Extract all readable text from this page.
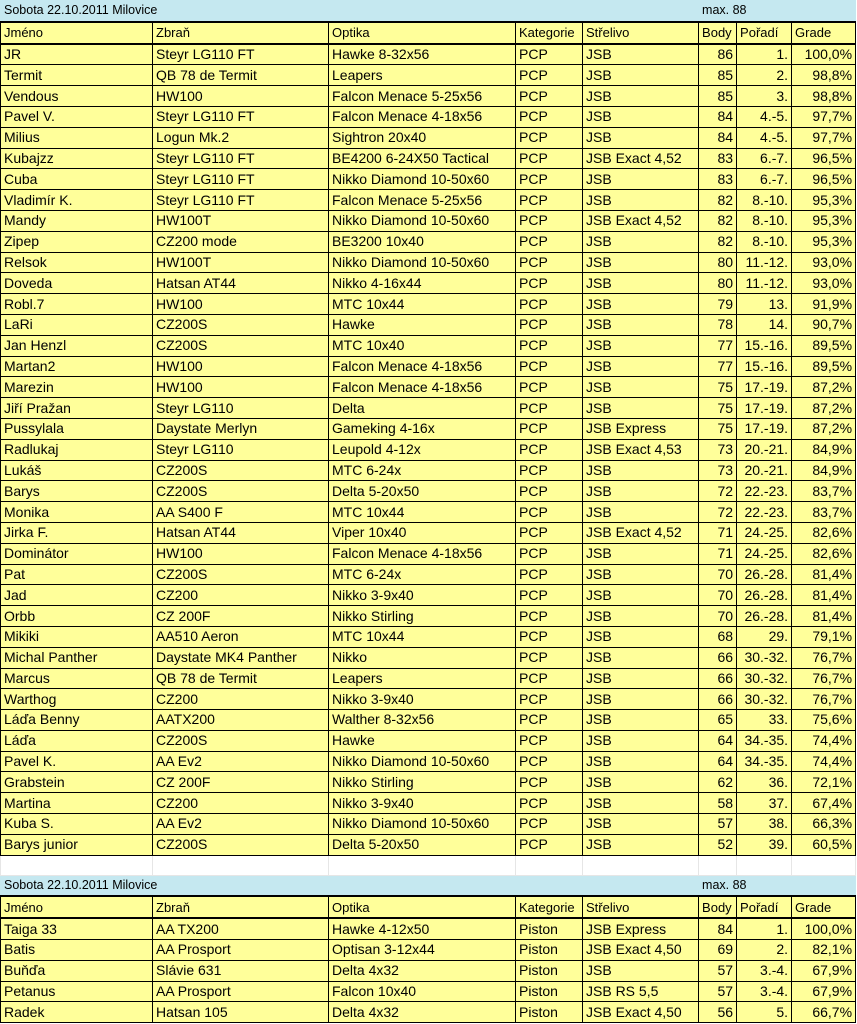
Sobota 22.10.2011 Milovice					max. 88		
Jméno	Zbraň	Optika	Kategorie	Střelivo	Body	Pořadí	Grade
JR	Steyr LG110 FT	Hawke 8-32x56	PCP	JSB	86	1.	100,0%
Termit	QB 78 de Termit	Leapers	PCP	JSB	85	2.	98,8%
Vendous	HW100	Falcon Menace 5-25x56	PCP	JSB	85	3.	98,8%
Pavel V.	Steyr LG110 FT	Falcon Menace 4-18x56	PCP	JSB	84	4.-5.	97,7%
Milius	Logun Mk.2	Sightron 20x40	PCP	JSB	84	4.-5.	97,7%
Kubajzz	Steyr LG110 FT	BE4200 6-24X50 Tactical	PCP	JSB Exact 4,52	83	6.-7.	96,5%
Cuba	Steyr LG110 FT	Nikko Diamond 10-50x60	PCP	JSB	83	6.-7.	96,5%
Vladimír K.	Steyr LG110 FT	Falcon Menace 5-25x56	PCP	JSB	82	8.-10.	95,3%
Mandy	HW100T	Nikko Diamond 10-50x60	PCP	JSB Exact 4,52	82	8.-10.	95,3%
Zipep	CZ200 mode	BE3200 10x40	PCP	JSB	82	8.-10.	95,3%
Relsok	HW100T	Nikko Diamond 10-50x60	PCP	JSB	80	11.-12.	93,0%
Doveda	Hatsan AT44	Nikko 4-16x44	PCP	JSB	80	11.-12.	93,0%
Robl.7	HW100	MTC 10x44	PCP	JSB	79	13.	91,9%
LaRi	CZ200S	Hawke	PCP	JSB	78	14.	90,7%
Jan Henzl	CZ200S	MTC 10x40	PCP	JSB	77	15.-16.	89,5%
Martan2	HW100	Falcon Menace 4-18x56	PCP	JSB	77	15.-16.	89,5%
Marezin	HW100	Falcon Menace 4-18x56	PCP	JSB	75	17.-19.	87,2%
Jiří Pražan	Steyr LG110	Delta	PCP	JSB	75	17.-19.	87,2%
Pussylala	Daystate Merlyn	Gameking 4-16x	PCP	JSB Express	75	17.-19.	87,2%
Radlukaj	Steyr LG110	Leupold 4-12x	PCP	JSB Exact 4,53	73	20.-21.	84,9%
Lukáš	CZ200S	MTC 6-24x	PCP	JSB	73	20.-21.	84,9%
Barys	CZ200S	Delta 5-20x50	PCP	JSB	72	22.-23.	83,7%
Monika	AA S400 F	MTC 10x44	PCP	JSB	72	22.-23.	83,7%
Jirka F.	Hatsan AT44	Viper 10x40	PCP	JSB Exact 4,52	71	24.-25.	82,6%
Dominátor	HW100	Falcon Menace 4-18x56	PCP	JSB	71	24.-25.	82,6%
Pat	CZ200S	MTC 6-24x	PCP	JSB	70	26.-28.	81,4%
Jad	CZ200	Nikko 3-9x40	PCP	JSB	70	26.-28.	81,4%
Orbb	CZ 200F	Nikko Stirling	PCP	JSB	70	26.-28.	81,4%
Mikiki	AA510 Aeron	MTC 10x44	PCP	JSB	68	29.	79,1%
Michal Panther	Daystate MK4 Panther	Nikko	PCP	JSB	66	30.-32.	76,7%
Marcus	QB 78 de Termit	Leapers	PCP	JSB	66	30.-32.	76,7%
Warthog	CZ200	Nikko 3-9x40	PCP	JSB	66	30.-32.	76,7%
Láďa Benny	AATX200	Walther 8-32x56	PCP	JSB	65	33.	75,6%
Láďa	CZ200S	Hawke	PCP	JSB	64	34.-35.	74,4%
Pavel K.	AA Ev2	Nikko Diamond 10-50x60	PCP	JSB	64	34.-35.	74,4%
Grabstein	CZ 200F	Nikko Stirling	PCP	JSB	62	36.	72,1%
Martina	CZ200	Nikko 3-9x40	PCP	JSB	58	37.	67,4%
Kuba S.	AA Ev2	Nikko Diamond 10-50x60	PCP	JSB	57	38.	66,3%
Barys junior	CZ200S	Delta 5-20x50	PCP	JSB	52	39.	60,5%

Sobota 22.10.2011 Milovice					max. 88		
Jméno	Zbraň	Optika	Kategorie	Střelivo	Body	Pořadí	Grade
Taiga 33	AA TX200	Hawke 4-12x50	Piston	JSB Express	84	1.	100,0%
Batis	AA Prosport	Optisan 3-12x44	Piston	JSB Exact 4,50	69	2.	82,1%
Buňďa	Slávie 631	Delta 4x32	Piston	JSB	57	3.-4.	67,9%
Petanus	AA Prosport	Falcon 10x40	Piston	JSB RS 5,5	57	3.-4.	67,9%
Radek	Hatsan 105	Delta 4x32	Piston	JSB Exact 4,50	56	5.	66,7%
